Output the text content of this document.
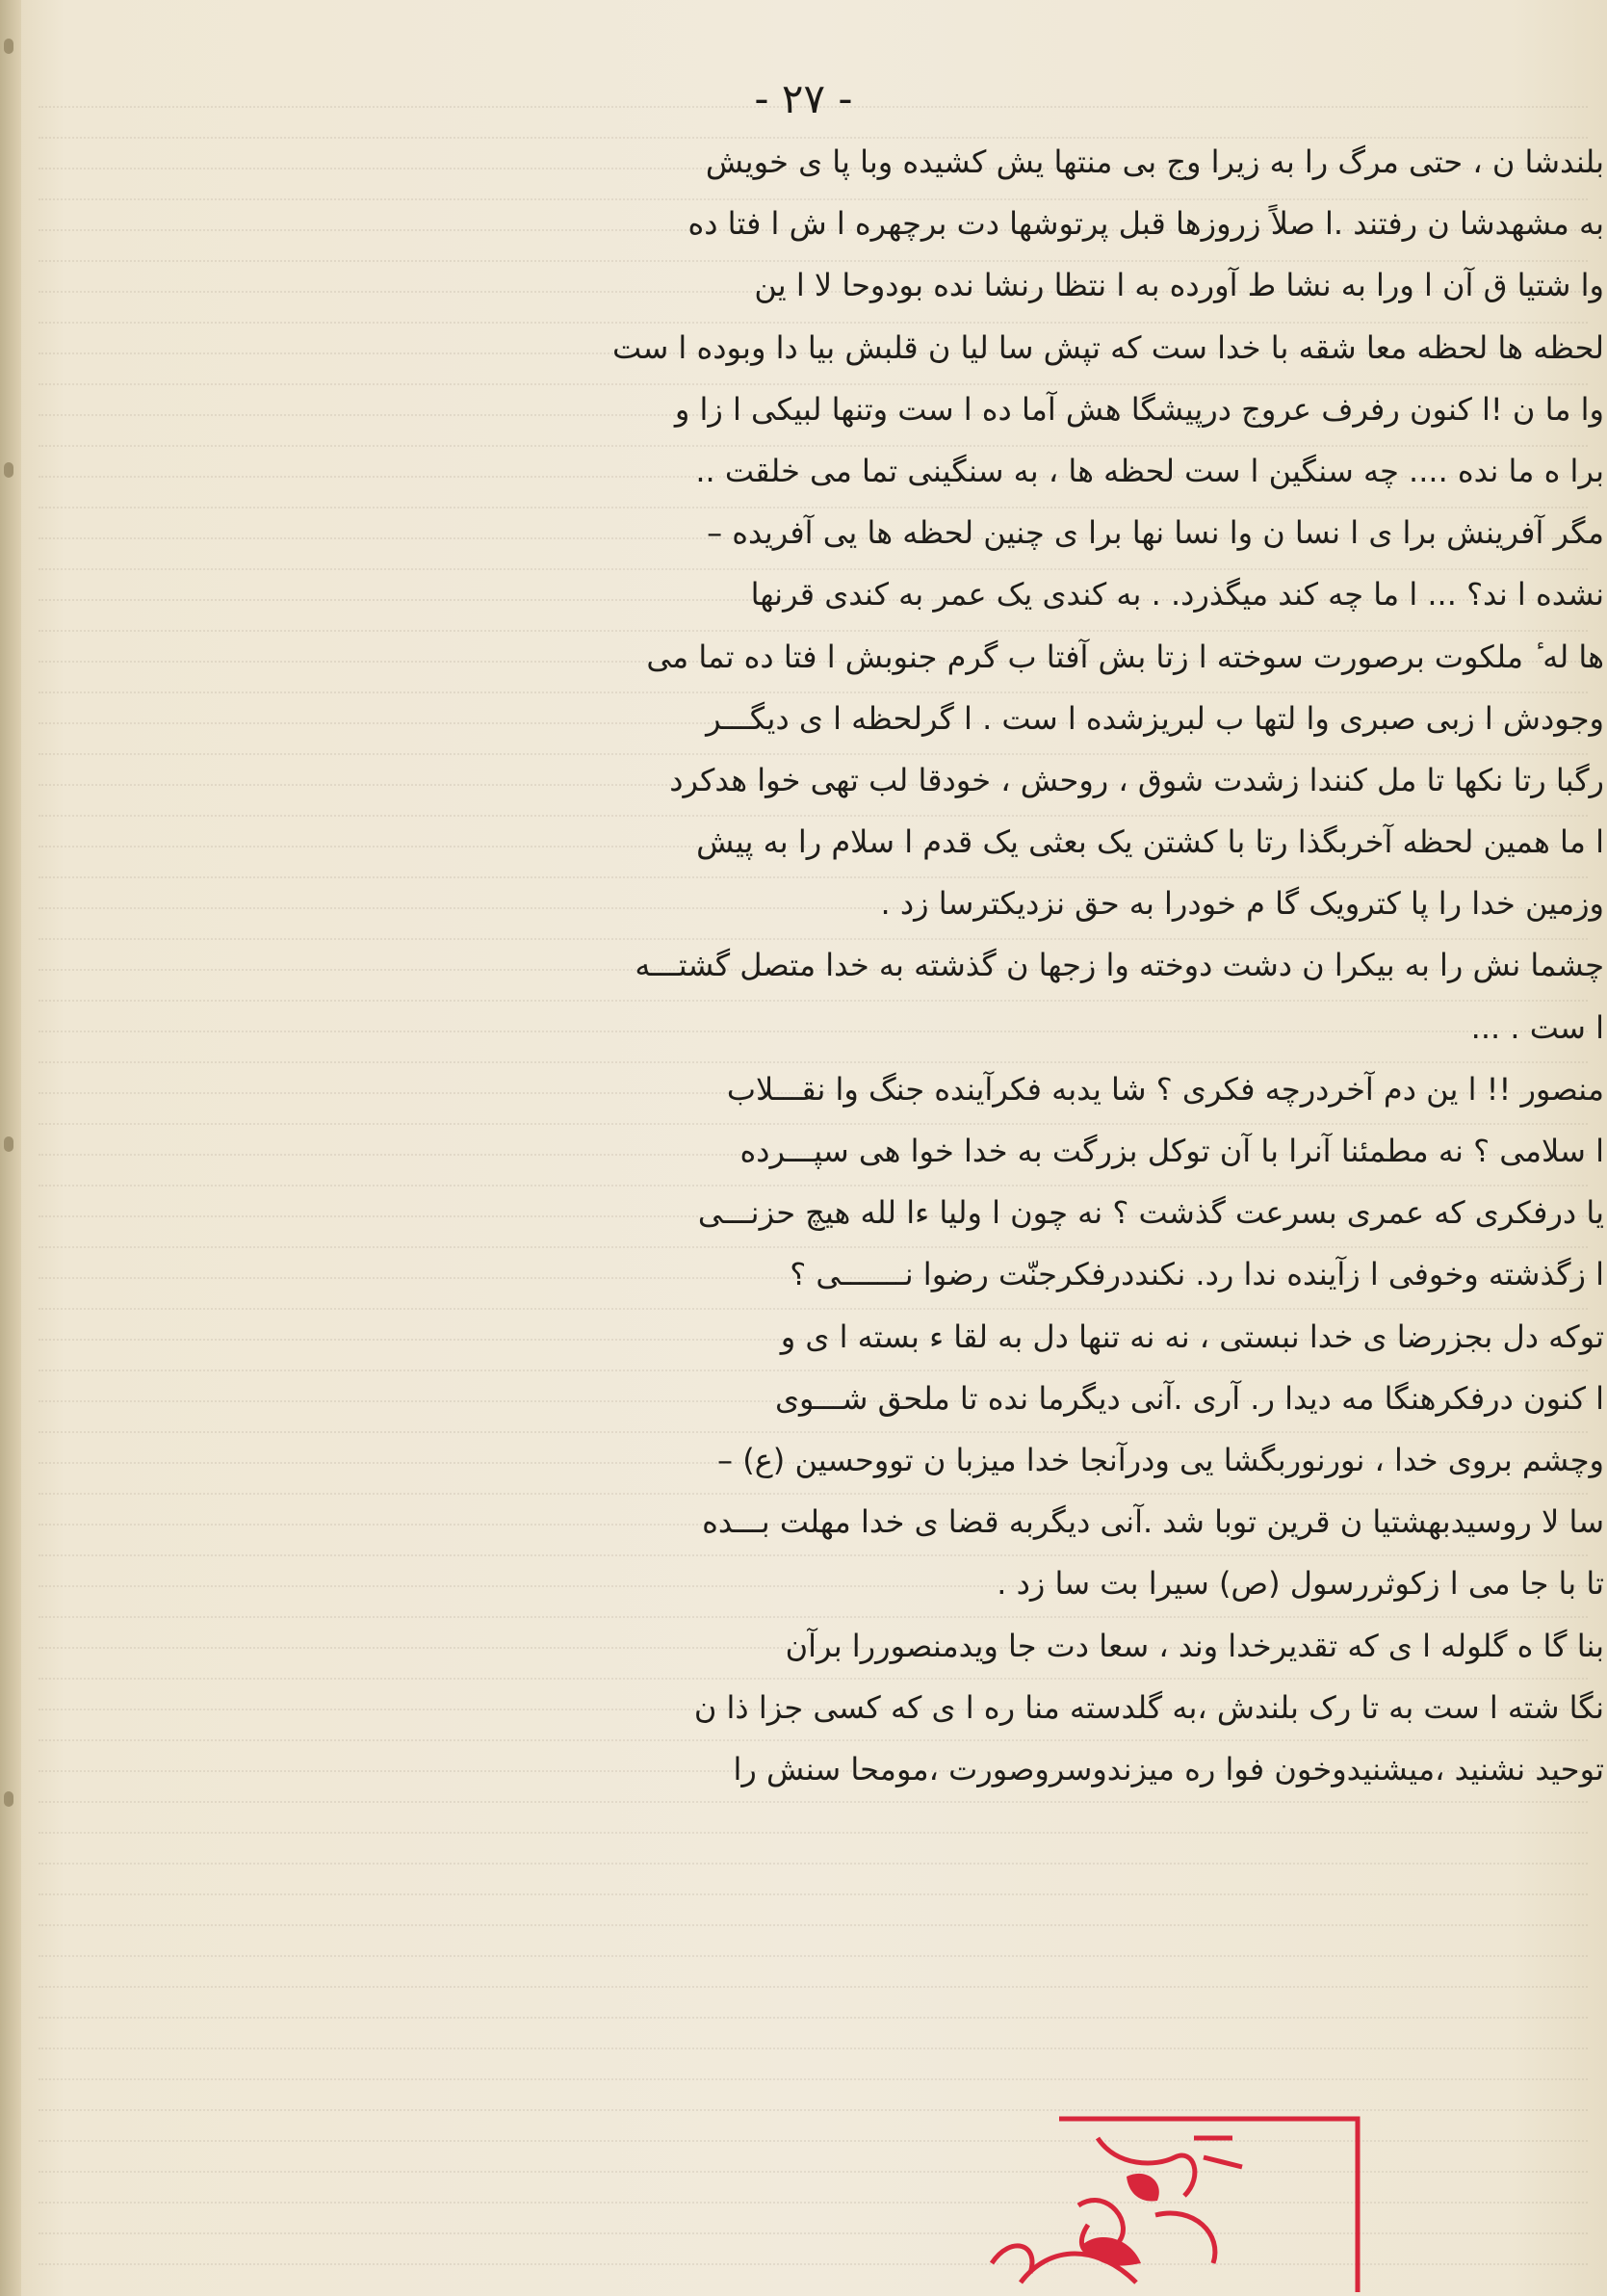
- ۲۷ -
بلندشا ن ، حتی مرگ را به زیرا وج بی منتها یش کشیده وبا پا ی خویش
به مشهدشا ن رفتند .ا صلاً زروزها قبل پرتوشها دت برچهره ا ش ا فتا ده
وا شتیا ق آن ا ورا به نشا ط آورده به ا نتظا رنشا نده بودوحا لا ا ین
لحظه ها لحظه معا شقه با خدا ست که تپش سا لیا ن قلبش بیا دا وبوده ا ست
وا ما ن !ا کنون رفرف عروج درپیشگا هش آما ده ا ست وتنها لبیکی ا زا و
برا ه ما نده .... چه سنگین ا ست لحظه ها ، به سنگینی تما می خلقت ..
مگر آفرینش برا ی ا نسا ن وا نسا نها برا ی چنین لحظه ها یی آفریده –
نشده ا ند؟ ... ا ما چه کند میگذرد. . به کندی یک عمر به کندی قرنها
ها له ٔ ملکوت برصورت سوخته ا زتا بش آفتا ب گرم جنوبش ا فتا ده تما می
وجودش ا زبی صبری وا لتها ب لبریزشده ا ست . ا گرلحظه ا ی دیگـــر
رگبا رتا نکها تا مل کنندا زشدت شوق ، روحش ، خودقا لب تهی خوا هدکرد
ا ما همین لحظه آخربگذا رتا با کشتن یک بعثی یک قدم ا سلام را به پیش
وزمین خدا را پا کترویک گا م خودرا به حق نزدیکترسا زد .
چشما نش را به بیکرا ن دشت دوخته وا زجها ن گذشته به خدا متصل گشتـــه
ا ست . ...
منصور !! ا ین دم آخردرچه فکری ؟ شا یدبه فکرآینده جنگ وا نقـــلاب
ا سلامی ؟ نه مطمئنا آنرا با آن توکل بزرگت به خدا خوا هی سپـــرده
یا درفکری که عمری بسرعت گذشت ؟ نه چون ا ولیا ءا لله هیچ حزنـــی
ا زگذشته وخوفی ا زآینده ندا رد. نکنددرفکرجنّت رضوا نـــــــی ؟
توکه دل بجزرضا ی خدا نبستی ، نه نه تنها دل به لقا ء بسته ا ی و
ا کنون درفکرهنگا مه دیدا ر. آری .آنی دیگرما نده تا ملحق شـــوی
وچشم بروی خدا ، نورنوربگشا یی ودرآنجا خدا میزبا ن تووحسین (ع) –
سا لا روسیدبهشتیا ن قرین توبا شد .آنی دیگربه قضا ی خدا مهلت بـــده
تا با جا می ا زکوثررسول (ص) سیرا بت سا زد .
بنا گا ه گلوله ا ی که تقدیرخدا وند ، سعا دت جا ویدمنصوررا برآن
نگا شته ا ست به تا رک بلندش ،به گلدسته منا ره ا ی که کسی جزا ذا ن
توحید نشنید ،میشنیدوخون فوا ره میزندوسروصورت ،مومحا سنش را
